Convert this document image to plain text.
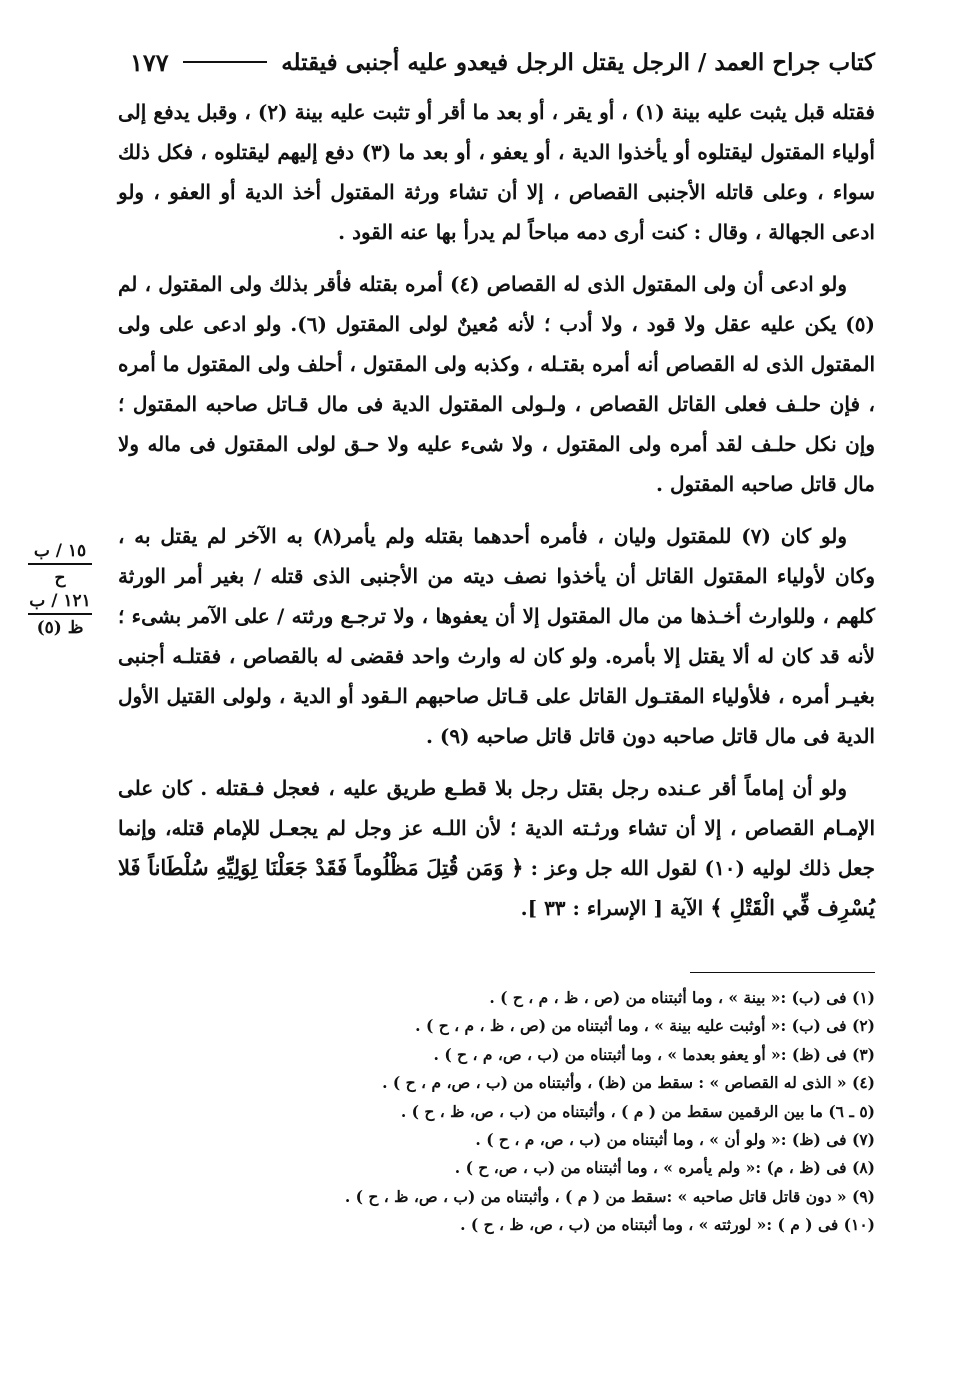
كتاب جراح العمد / الرجل يقتل الرجل فيعدو عليه أجنبى فيقتله
١٧٧
١٥ / ب
ح
١٢١ / ب
ظ (٥)

فقتله قبل يثبت عليه بينة (١) ، أو يقر ، أو بعد ما أقر أو تثبت عليه بينة (٢) ، وقبل يدفع إلى أولياء المقتول ليقتلوه أو يأخذوا الدية ، أو يعفو ، أو بعد ما (٣) دفع إليهم ليقتلوه ، فكل ذلك سواء ، وعلى قاتله الأجنبى القصاص ، إلا أن تشاء ورثة المقتول أخذ الدية أو العفو ، ولو ادعى الجهالة ، وقال : كنت أرى دمه مباحاً لم يدرأ بها عنه القود .

ولو ادعى أن ولى المقتول الذى له القصاص (٤) أمره بقتله فأقر بذلك ولى المقتول ، لم (٥) يكن عليه عقل ولا قود ، ولا أدب ؛ لأنه مُعينٌ لولى المقتول (٦). ولو ادعى على ولى المقتول الذى له القصاص أنه أمره بقتـله ، وكذبه ولى المقتول ، أحلف ولى المقتول ما أمره ، فإن حلـف فعلى القاتل القصاص ، ولـولى المقتول الدية فى مال قـاتل صاحبه المقتول ؛ وإن نكل حلـف لقد أمره ولى المقتول ، ولا شىء عليه ولا حـق لولى المقتول فى ماله ولا مال قاتل صاحبه المقتول .

ولو كان (٧) للمقتول وليان ، فأمره أحدهما بقتله ولم يأمر(٨) به الآخر لم يقتل به ، وكان لأولياء المقتول القاتل أن يأخذوا نصف ديته من الأجنبى الذى قتله / بغير أمر الورثة كلهم ، وللوارث أخـذها من مال المقتول إلا أن يعفوها ، ولا ترجـع ورثته / على الآمر بشىء ؛ لأنه قد كان له ألا يقتل إلا بأمره. ولو كان له وارث واحد فقضى له بالقصاص ، فقتلـه أجنبى بغيـر أمره ، فلأولياء المقتـول القاتل على قـاتل صاحبهم الـقود أو الدية ، ولولى القتيل الأول الدية فى مال قاتل صاحبه دون قاتل قاتل صاحبه (٩) .

ولو أن إماماً أقر عـنده رجل بقتل رجل بلا قطـع طريق عليه ، فعجل فـقتله . كان على الإمـام القصاص ، إلا أن تشاء ورثـته الدية ؛ لأن اللـه عز وجل لم يجعـل للإمام قتله، وإنما جعل ذلك لوليه (١٠) لقول الله جل وعز : ﴿ وَمَن قُتِلَ مَظْلُوماً فَقَدْ جَعَلْنَا لِوَلِيِّهِ سُلْطَاناً فَلا يُسْرِف فِّي الْقَتْلِ ﴾ الآية [ الإسراء : ٣٣ ].

(١) فى (ب) :« بينة » ، وما أثبتناه من (ص ، ظ ، م ، ح ) .
(٢) فى (ب) :« أوثبت عليه بينة » ، وما أثبتناه من (ص ، ظ ، م ، ح ) .
(٣) فى (ظ) :« أو يعفو بعدما » ، وما أثبتناه من (ب ، ص، م ، ح ) .
(٤) « الذى له القصاص » : سقط من (ظ) ، وأثبتناه من (ب ، ص، م ، ح ) .
(٥ ـ ٦) ما بين الرقمين سقط من ( م ) ، وأثبتناه من (ب ، ص، ظ ، ح ) .
(٧) فى (ظ) :« ولو أن » ، وما أثبتناه من (ب ، ص، م ، ح ) .
(٨) فى (ظ ، م) :« ولم يأمره » ، وما أثبتناه من (ب ، ص، ح ) .
(٩) « دون قاتل قاتل صاحبه » :سقط من ( م ) ، وأثبتناه من (ب ، ص، ظ ، ح ) .
(١٠) فى ( م ) :« لورثته » ، وما أثبتناه من (ب ، ص، ظ ، ح ) .
